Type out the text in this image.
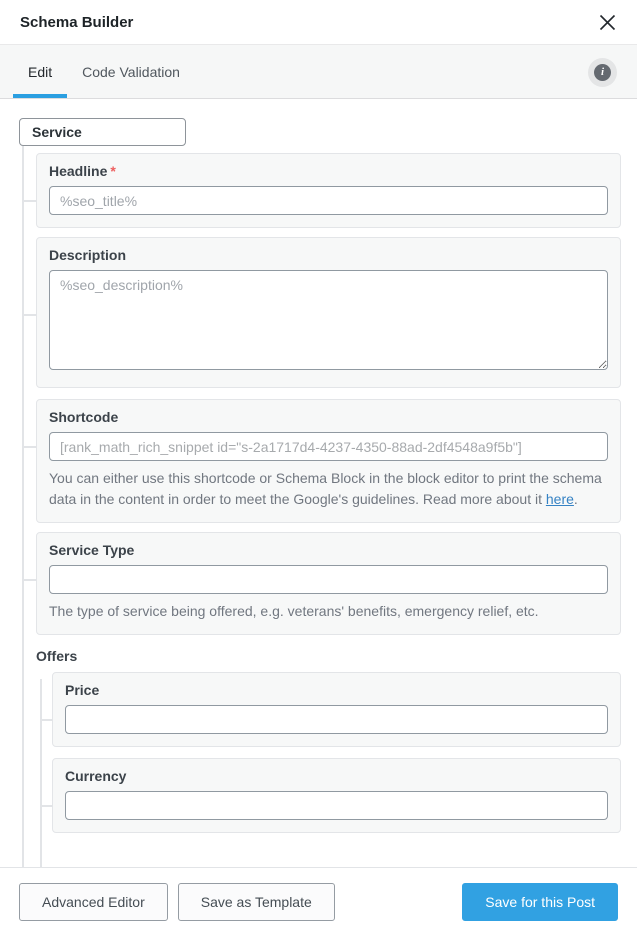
Schema Builder
Edit	Code Validation	i
Service
Headline *
%seo_title%
Description
%seo_description%
Shortcode
[rank_math_rich_snippet id="s-2a1717d4-4237-4350-88ad-2df4548a9f5b"]
You can either use this shortcode or Schema Block in the block editor to print the schema data in the content in order to meet the Google's guidelines. Read more about it here.
Service Type
The type of service being offered, e.g. veterans' benefits, emergency relief, etc.
Offers
Price
Currency
Advanced Editor	Save as Template	Save for this Post
